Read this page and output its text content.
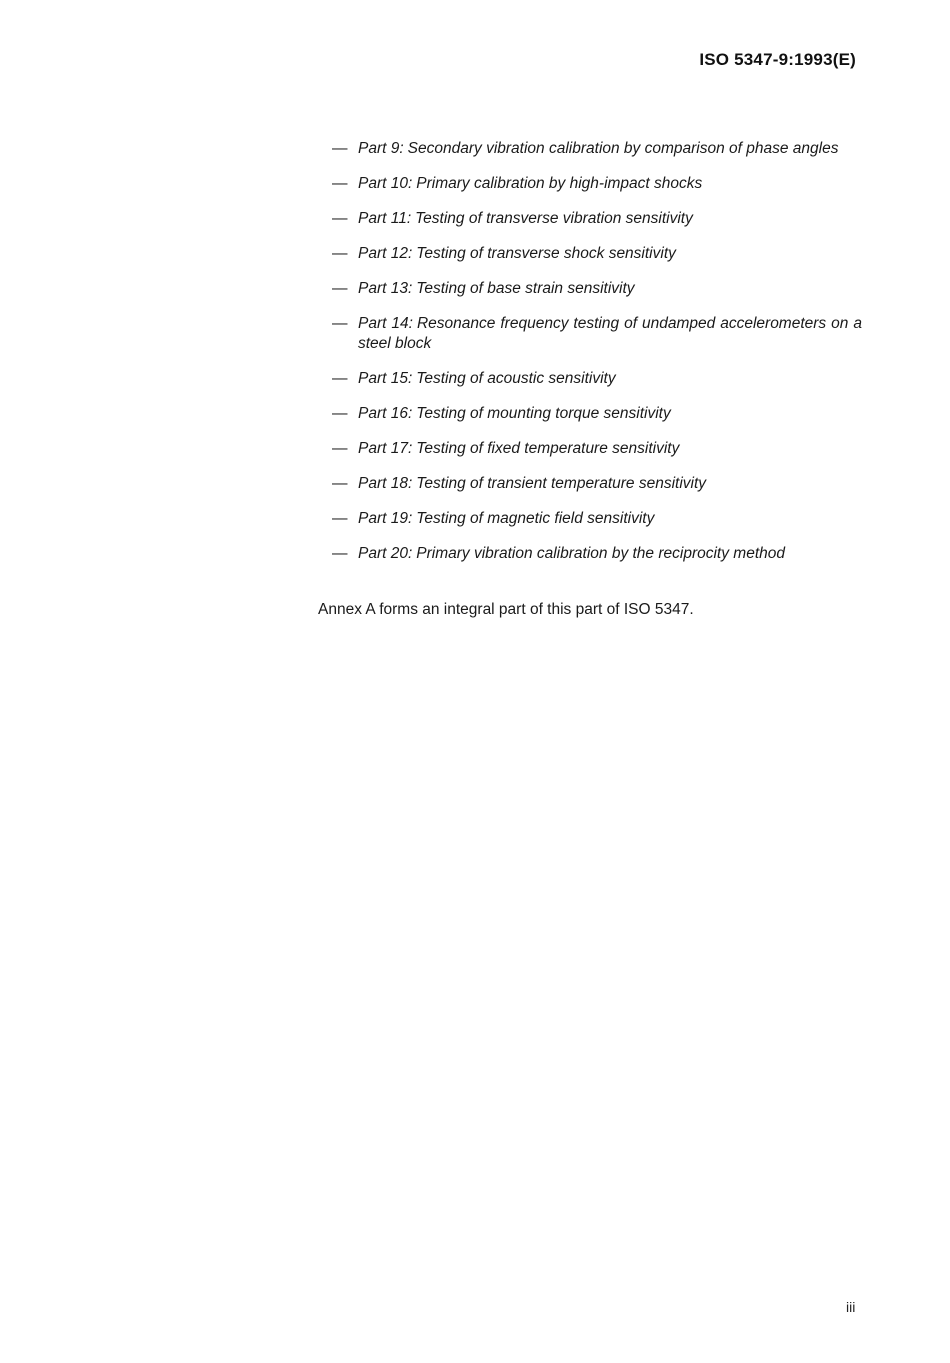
ISO 5347-9:1993(E)
— Part 9: Secondary vibration calibration by comparison of phase angles
— Part 10: Primary calibration by high-impact shocks
— Part 11: Testing of transverse vibration sensitivity
— Part 12: Testing of transverse shock sensitivity
— Part 13: Testing of base strain sensitivity
— Part 14: Resonance frequency testing of undamped accelerometers on a steel block
— Part 15: Testing of acoustic sensitivity
— Part 16: Testing of mounting torque sensitivity
— Part 17: Testing of fixed temperature sensitivity
— Part 18: Testing of transient temperature sensitivity
— Part 19: Testing of magnetic field sensitivity
— Part 20: Primary vibration calibration by the reciprocity method
Annex A forms an integral part of this part of ISO 5347.
iii
